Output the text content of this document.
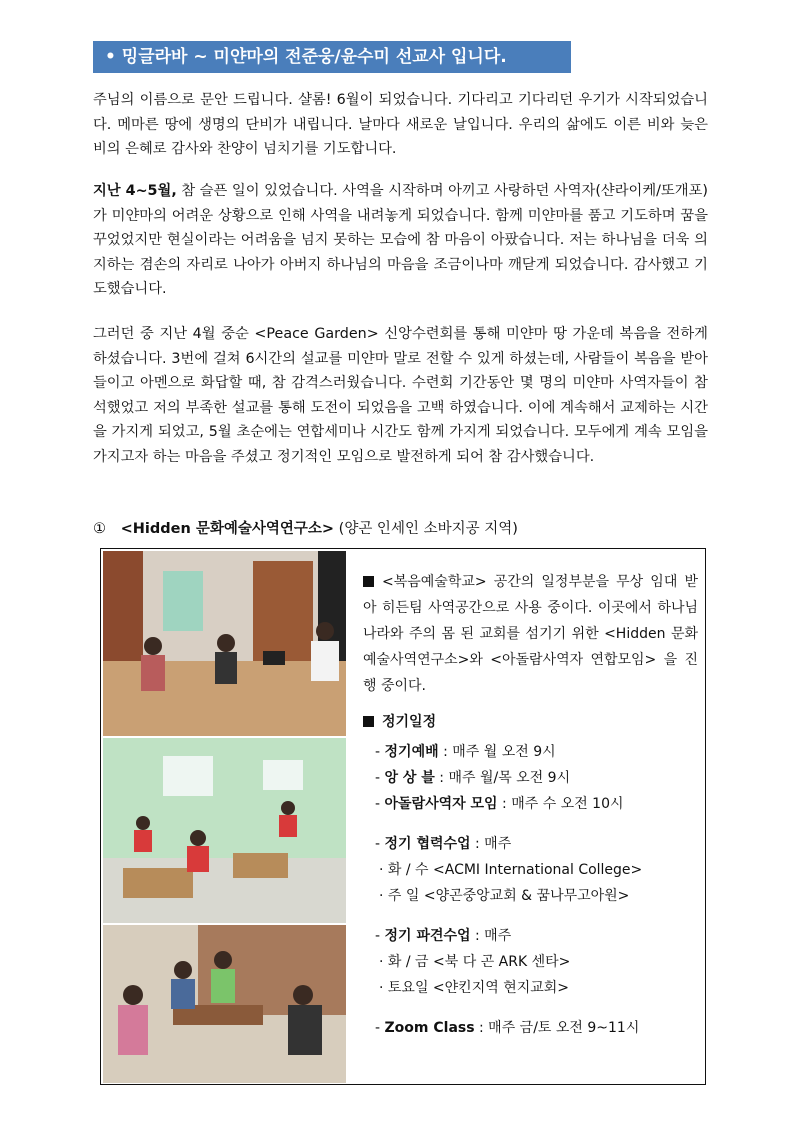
• 밍글라바 ~ 미얀마의 전준웅/윤수미 선교사 입니다.

주님의 이름으로 문안 드립니다. 샬롬! 6월이 되었습니다. 기다리고 기다리던 우기가 시작되었습니다. 메마른 땅에 생명의 단비가 내립니다. 날마다 새로운 날입니다. 우리의 삶에도 이른 비와 늦은 비의 은혜로 감사와 찬양이 넘치기를 기도합니다.

지난 4~5월, 참 슬픈 일이 있었습니다. 사역을 시작하며 아끼고 사랑하던 사역자(샨라이케/또개포)가 미얀마의 어려운 상황으로 인해 사역을 내려놓게 되었습니다. 함께 미얀마를 품고 기도하며 꿈을 꾸었었지만 현실이라는 어려움을 넘지 못하는 모습에 참 마음이 아팠습니다. 저는 하나님을 더욱 의지하는 겸손의 자리로 나아가 아버지 하나님의 마음을 조금이나마 깨닫게 되었습니다. 감사했고 기도했습니다.

그러던 중 지난 4월 중순 <Peace Garden> 신앙수련회를 통해 미얀마 땅 가운데 복음을 전하게 하셨습니다. 3번에 걸쳐 6시간의 설교를 미얀마 말로 전할 수 있게 하셨는데, 사람들이 복음을 받아들이고 아멘으로 화답할 때, 참 감격스러웠습니다. 수련회 기간동안 몇 명의 미얀마 사역자들이 참석했었고 저의 부족한 설교를 통해 도전이 되었음을 고백 하였습니다. 이에 계속해서 교제하는 시간을 가지게 되었고, 5월 초순에는 연합세미나 시간도 함께 가지게 되었습니다. 모두에게 계속 모임을 가지고자 하는 마음을 주셨고 정기적인 모임으로 발전하게 되어 참 감사했습니다.

① <Hidden 문화예술사역연구소> (양곤 인세인 소바지공 지역)

<복음예술학교> 공간의 일정부분을 무상 임대 받아 히든팀 사역공간으로 사용 중이다. 이곳에서 하나님 나라와 주의 몸 된 교회를 섬기기 위한 <Hidden 문화예술사역연구소>와 <아돌람사역자 연합모임> 을 진행 중이다.

정기일정
- 정기예배 : 매주 월 오전 9시
- 앙 상 블 : 매주 월/목 오전 9시
- 아돌람사역자 모임 : 매주 수 오전 10시
- 정기 협력수업 : 매주
· 화 / 수 <ACMI International College>
· 주 일 <양곤중앙교회 & 꿈나무고아원>
- 정기 파견수업 : 매주
· 화 / 금 <북 다 곤 ARK 센타>
· 토요일 <얀킨지역 현지교회>
- Zoom Class : 매주 금/토 오전 9~11시
